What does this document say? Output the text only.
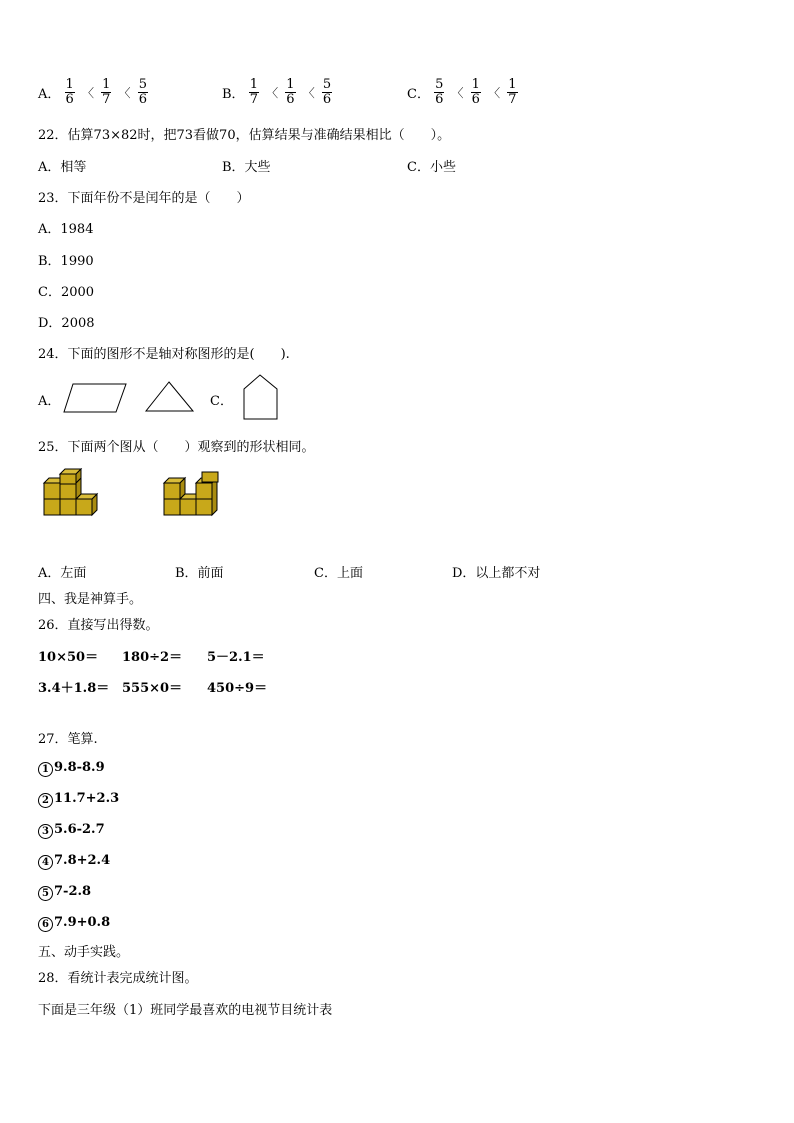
A． $\frac{1}{6}$ 〈 $\frac{1}{7}$ 〈 $\frac{5}{6}$	B． $\frac{1}{7}$ 〈 $\frac{1}{6}$ 〈 $\frac{5}{6}$	C． $\frac{5}{6}$ 〈 $\frac{1}{6}$ 〈 $\frac{1}{7}$
22．估算73×82时，把73看做70，估算结果与准确结果相比（　　）。
A．相等	B．大些	C．小些
23．下面年份不是闰年的是（　　）
A．1984
B．1990
C．2000
D．2008
24．下面的图形不是轴对称图形的是(　　).
A．	C．
25．下面两个图从（　　）观察到的形状相同。
A．左面	B．前面	C．上面	D．以上都不对
四、我是神算手。
26．直接写出得数。
10×50＝ 180÷2＝ 5－2.1＝
3.4＋1.8＝ 555×0＝ 450÷9＝
27．笔算.
1 9.8-8.9
2 11.7+2.3
3 5.6-2.7
4 7.8+2.4
5 7-2.8
6 7.9+0.8
五、动手实践。
28．看统计表完成统计图。
下面是三年级（1）班同学最喜欢的电视节目统计表
